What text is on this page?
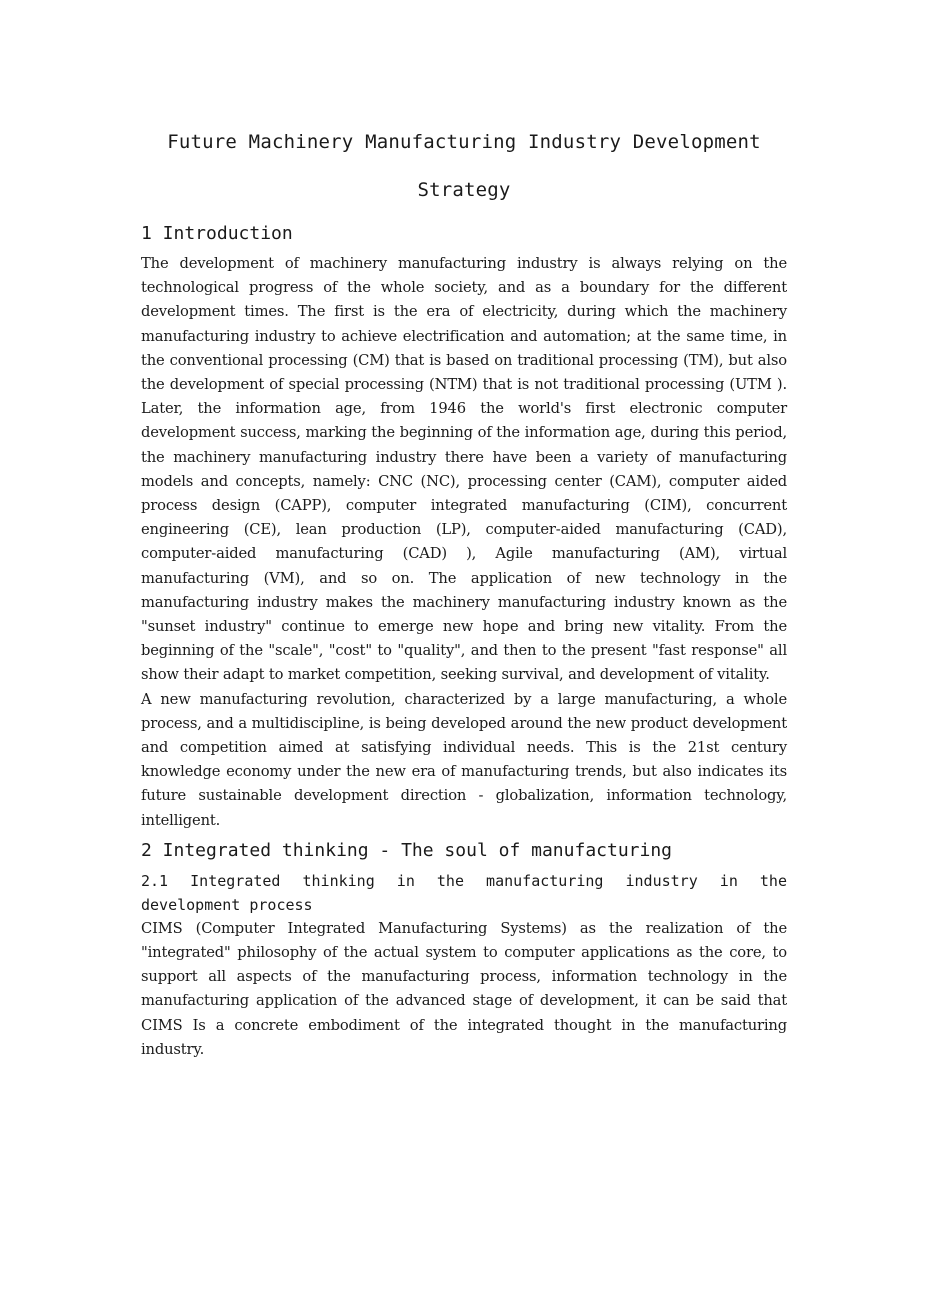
Future Machinery Manufacturing Industry Development
Strategy
1 Introduction

The development of machinery manufacturing industry is always relying on the technological progress of the whole society, and as a boundary for the different development times. The first is the era of electricity, during which the machinery manufacturing industry to achieve electrification and automation; at the same time, in the conventional processing (CM) that is based on traditional processing (TM), but also the development of special processing (NTM) that is not traditional processing (UTM ). Later, the information age, from 1946 the world's first electronic computer development success, marking the beginning of the information age, during this period, the machinery manufacturing industry there have been a variety of manufacturing models and concepts, namely: CNC (NC), processing center (CAM), computer aided process design (CAPP), computer integrated manufacturing (CIM), concurrent engineering (CE), lean production (LP), computer-aided manufacturing (CAD), computer-aided manufacturing (CAD) ), Agile manufacturing (AM), virtual manufacturing (VM), and so on. The application of new technology in the manufacturing industry makes the machinery manufacturing industry known as the "sunset industry" continue to emerge new hope and bring new vitality. From the beginning of the "scale", "cost" to "quality", and then to the present "fast response" all show their adapt to market competition, seeking survival, and development of vitality.

A new manufacturing revolution, characterized by a large manufacturing, a whole process, and a multidiscipline, is being developed around the new product development and competition aimed at satisfying individual needs. This is the 21st century knowledge economy under the new era of manufacturing trends, but also indicates its future sustainable development direction - globalization, information technology, intelligent.

2 Integrated thinking - The soul of manufacturing
2.1 Integrated thinking in the manufacturing industry in the development process

CIMS (Computer Integrated Manufacturing Systems) as the realization of the "integrated" philosophy of the actual system to computer applications as the core, to support all aspects of the manufacturing process, information technology in the manufacturing application of the advanced stage of development, it can be said that CIMS Is a concrete embodiment of the integrated thought in the manufacturing industry.
